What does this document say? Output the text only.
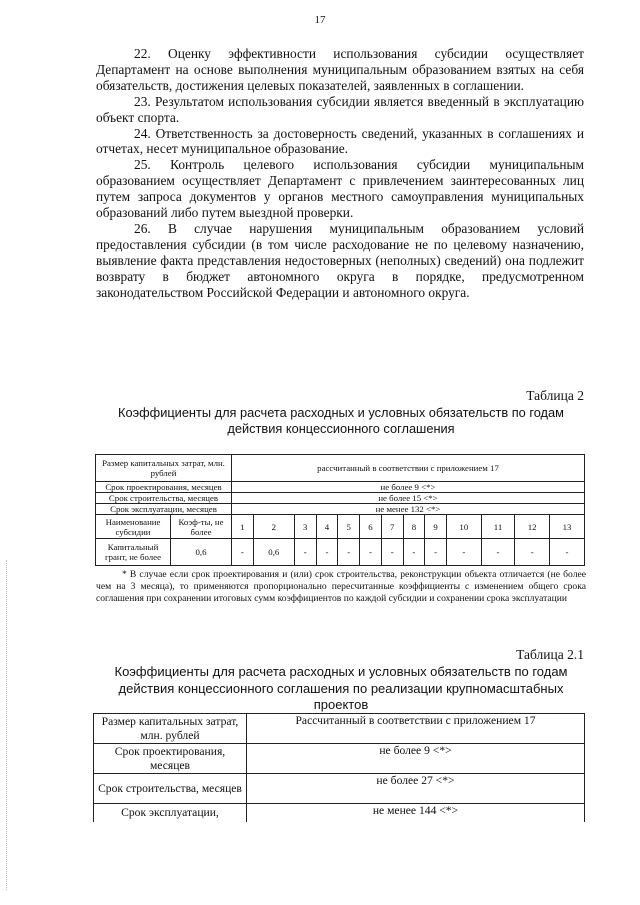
17

22. Оценку эффективности использования субсидии осуществляет Департамент на основе выполнения муниципальным образованием взятых на себя обязательств, достижения целевых показателей, заявленных в соглашении.

23. Результатом использования субсидии является введенный в эксплуатацию объект спорта.

24. Ответственность за достоверность сведений, указанных в соглашениях и отчетах, несет муниципальное образование.

25. Контроль целевого использования субсидии муниципальным образованием осуществляет Департамент с привлечением заинтересованных лиц путем запроса документов у органов местного самоуправления муниципальных образований либо путем выездной проверки.

26. В случае нарушения муниципальным образованием условий предоставления субсидии (в том числе расходование не по целевому назначению, выявление факта представления недостоверных (неполных) сведений) она подлежит возврату в бюджет автономного округа в порядке, предусмотренном законодательством Российской Федерации и автономного округа.

Таблица 2
Коэффициенты для расчета расходных и условных обязательств по годам действия концессионного соглашения
Размер капитальных затрат, млн. рублей		рассчитанный в соответствии с приложением 17												
Срок проектирования, месяцев		не более 9 <*>												
Срок строительства, месяцев		не более 15 <*>												
Срок эксплуатации, месяцев		не менее 132 <*>												
Наименование субсидии	Коэф-ты, не более	1	2	3	4	5	6	7	8	9	10	11	12	13
Капитальный грант, не более	0,6	-	0,6	-	-	-	-	-	-	-	-	-	-	-
* В случае если срок проектирования и (или) срок строительства, реконструкции объекта отличается (не более чем на 3 месяца), то применяются пропорционально пересчитанные коэффициенты с изменением общего срока соглашения при сохранении итоговых сумм коэффициентов по каждой субсидии и сохранении срока эксплуатации
Таблица 2.1
Коэффициенты для расчета расходных и условных обязательств по годам действия концессионного соглашения по реализации крупномасштабных проектов
Размер капитальных затрат, млн. рублей	Рассчитанный в соответствии с приложением 17
Срок проектирования, месяцев	не более 9 <*>
Срок строительства, месяцев	не более 27 <*>
Срок эксплуатации,	не менее 144 <*>
